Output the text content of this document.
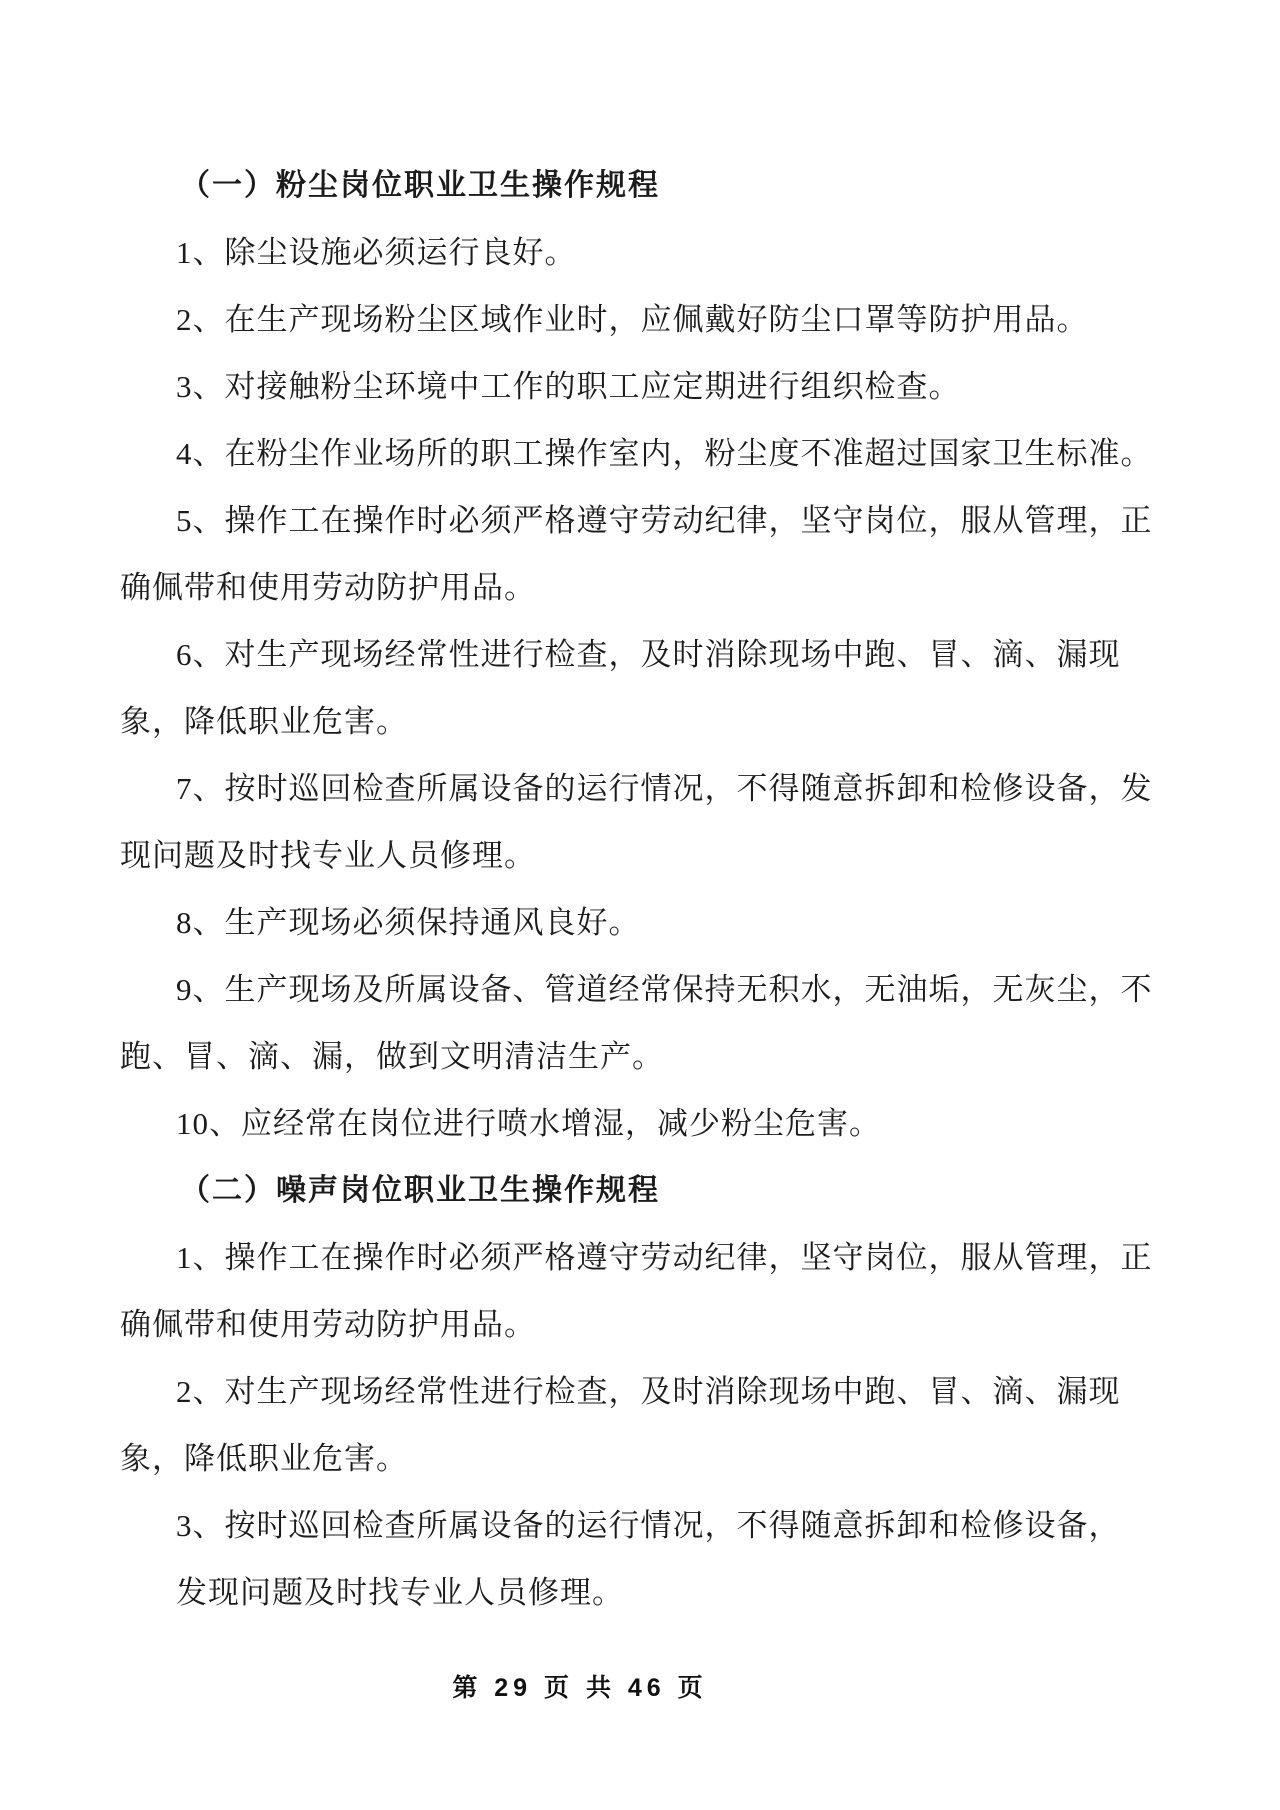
（一）粉尘岗位职业卫生操作规程
1、除尘设施必须运行良好。
2、在生产现场粉尘区域作业时，应佩戴好防尘口罩等防护用品。
3、对接触粉尘环境中工作的职工应定期进行组织检查。
4、在粉尘作业场所的职工操作室内，粉尘度不准超过国家卫生标准。
5、操作工在操作时必须严格遵守劳动纪律，坚守岗位，服从管理，正
确佩带和使用劳动防护用品。
6、对生产现场经常性进行检查，及时消除现场中跑、冒、滴、漏现
象，降低职业危害。
7、按时巡回检查所属设备的运行情况，不得随意拆卸和检修设备，发
现问题及时找专业人员修理。
8、生产现场必须保持通风良好。
9、生产现场及所属设备、管道经常保持无积水，无油垢，无灰尘，不
跑、冒、滴、漏，做到文明清洁生产。
10、应经常在岗位进行喷水增湿，减少粉尘危害。
（二）噪声岗位职业卫生操作规程
1、操作工在操作时必须严格遵守劳动纪律，坚守岗位，服从管理，正
确佩带和使用劳动防护用品。
2、对生产现场经常性进行检查，及时消除现场中跑、冒、滴、漏现
象，降低职业危害。
3、按时巡回检查所属设备的运行情况，不得随意拆卸和检修设备，
发现问题及时找专业人员修理。
第 29 页 共 46 页
